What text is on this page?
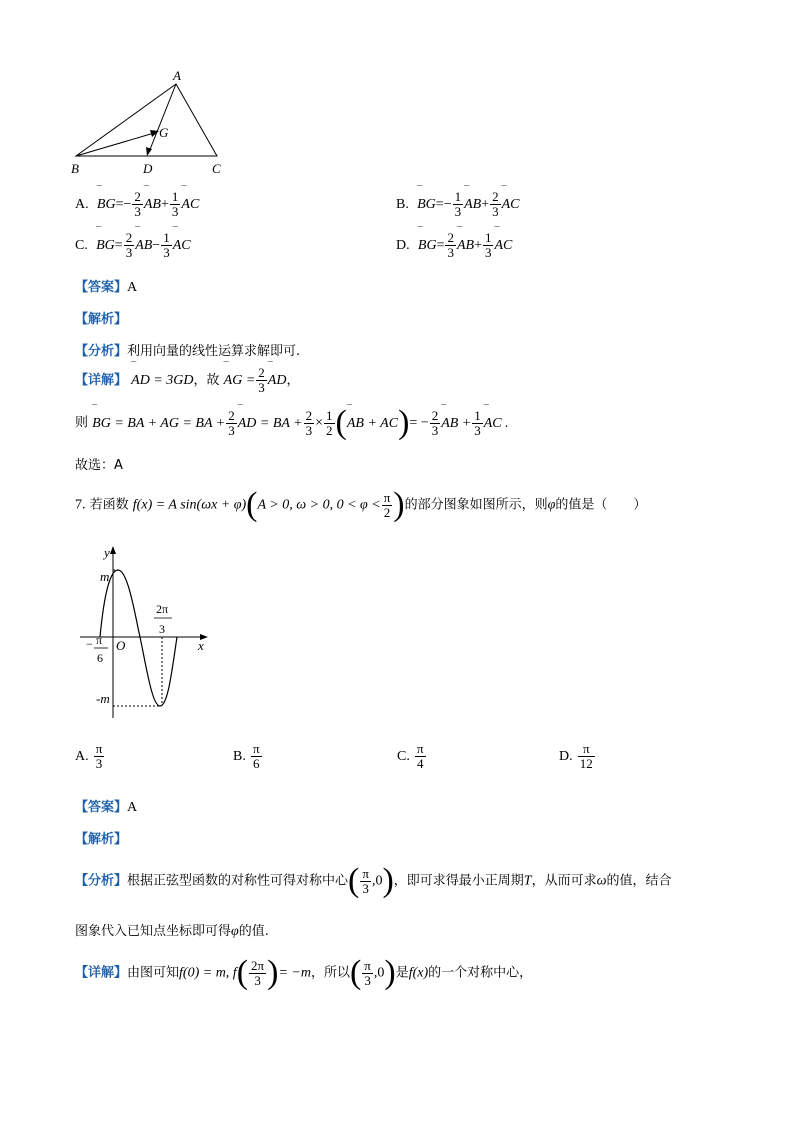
A
G
B	D	C
A. ‾‾ $BG=- \frac{2}{3}$ ‾‾ $AB+ \frac{1}{3}$ ‾‾ AC	B. ‾‾ $BG=- \frac{1}{3}$ ‾‾ $AB+ \frac{2}{3}$ ‾‾ AC
C. ‾‾ $BG= \frac{2}{3}$ ‾‾ $AB- \frac{1}{3}$ ‾‾ AC	D. ‾‾ $BG= \frac{2}{3}$ ‾‾ $AB+ \frac{1}{3}$ ‾‾ AC
【答案】A
【解析】
【分析】利用向量的线性运算求解即可.
【详解】 ‾‾ AD = 3GD，故 ‾‾ AG = $\frac{2}{3}$ ‾‾ AD，
则 ‾‾ BG = BA + AG = BA + $\frac{2}{3}$ ‾‾ AD = BA + $\frac{2}{3} \times \frac{1}{2}$ (‾‾ AB + $AC)= - \frac{2}{3}$ ‾‾ AB + $\frac{1}{3}$ ‾‾ AC .
故选：A
7. 若函数 f(x) = A sin(ωx + φ)(A > 0, ω > 0, $0 < \varphi < \frac{\pi}{2}$ )的部分图象如图所示，则φ的值是（　　）
y
x
O
m
-m
2π
3
− π
6
A. $\frac{\pi}{3}$	B. $\frac{\pi}{6}$	C. $\frac{\pi}{4}$	D. $\frac{\pi}{12}$
【答案】A
【解析】
【分析】根据正弦型函数的对称性可得对称中心( $\frac{\pi}{3} ,0$)，即可求得最小正周期T，从而可求ω的值，结合
图象代入已知点坐标即可得φ的值.
【详解】由图可知f(0) = m, $f( \frac{2\pi}{3}$ )= −m，所以( $\frac{\pi}{3} ,0$)是f(x)的一个对称中心，
